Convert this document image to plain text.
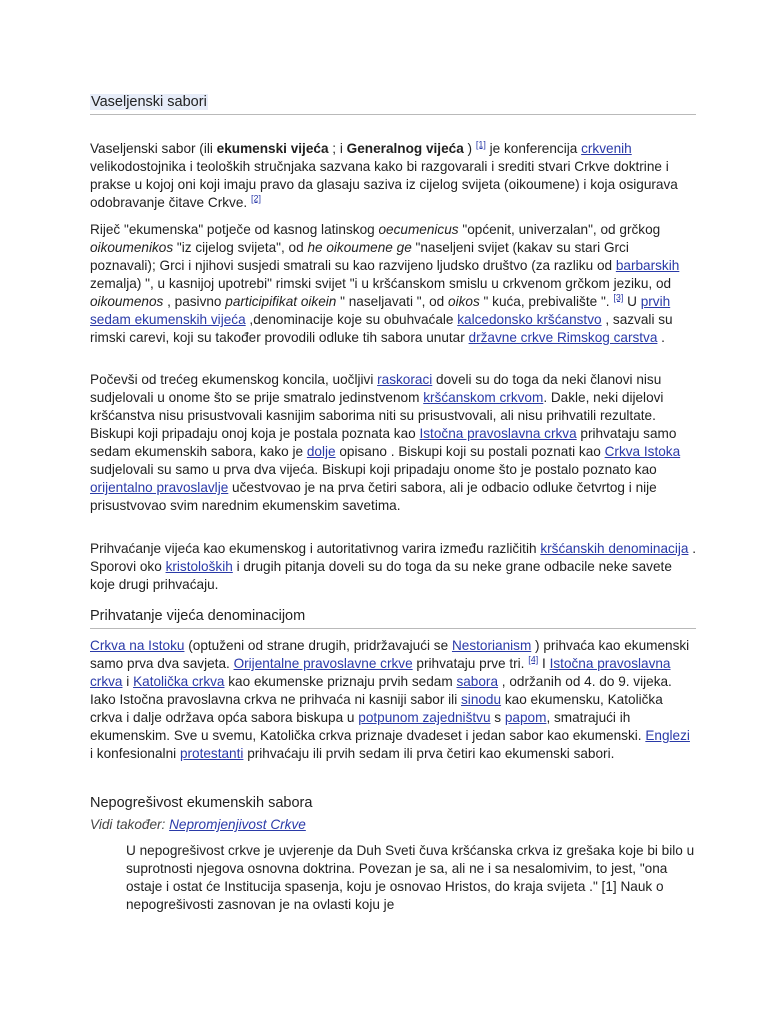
Vaseljenski sabori

Vaseljenski sabor (ili ekumenski vijeća ; i Generalnog vijeća ) [1] je konferencija crkvenih velikodostojnika i teoloških stručnjaka sazvana kako bi razgovarali i srediti stvari Crkve doktrine i prakse u kojoj oni koji imaju pravo da glasaju saziva iz cijelog svijeta (oikoumene) i koja osigurava odobravanje čitave Crkve. [2]

Riječ "ekumenska" potječe od kasnog latinskog oecumenicus "općenit, univerzalan", od grčkog oikoumenikos "iz cijelog svijeta", od he oikoumene ge "naseljeni svijet (kakav su stari Grci poznavali); Grci i njihovi susjedi smatrali su kao razvijeno ljudsko društvo (za razliku od barbarskih zemalja) ", u kasnijoj upotrebi" rimski svijet "i u kršćanskom smislu u crkvenom grčkom jeziku, od oikoumenos , pasivno participifikat oikein " naseljavati ", od oikos " kuća, prebivalište ". [3] U prvih sedam ekumenskih vijeća ,denominacije koje su obuhvaćale kalcedonsko kršćanstvo , sazvali su rimski carevi, koji su također provodili odluke tih sabora unutar državne crkve Rimskog carstva .

Počevši od trećeg ekumenskog koncila, uočljivi raskoraci doveli su do toga da neki članovi nisu sudjelovali u onome što se prije smatralo jedinstvenom kršćanskom crkvom. Dakle, neki dijelovi kršćanstva nisu prisustvovali kasnijim saborima niti su prisustvovali, ali nisu prihvatili rezultate. Biskupi koji pripadaju onoj koja je postala poznata kao Istočna pravoslavna crkva prihvataju samo sedam ekumenskih sabora, kako je dolje opisano . Biskupi koji su postali poznati kao Crkva Istoka sudjelovali su samo u prva dva vijeća. Biskupi koji pripadaju onome što je postalo poznato kao orijentalno pravoslavlje učestvovao je na prva četiri sabora, ali je odbacio odluke četvrtog i nije prisustvovao svim narednim ekumenskim savetima.

Prihvaćanje vijeća kao ekumenskog i autoritativnog varira između različitih kršćanskih denominacija . Sporovi oko kristoloških i drugih pitanja doveli su do toga da su neke grane odbacile neke savete koje drugi prihvaćaju.

Prihvatanje vijeća denominacijom

Crkva na Istoku (optuženi od strane drugih, pridržavajući se Nestorianism ) prihvaća kao ekumenski samo prva dva savjeta. Orijentalne pravoslavne crkve prihvataju prve tri. [4] I Istočna pravoslavna crkva i Katolička crkva kao ekumenske priznaju prvih sedam sabora , održanih od 4. do 9. vijeka. Iako Istočna pravoslavna crkva ne prihvaća ni kasniji sabor ili sinodu kao ekumensku, Katolička crkva i dalje održava opća sabora biskupa u potpunom zajedništvu s papom, smatrajući ih ekumenskim. Sve u svemu, Katolička crkva priznaje dvadeset i jedan sabor kao ekumenski. Englezi i konfesionalni protestanti prihvaćaju ili prvih sedam ili prva četiri kao ekumenski sabori.

Nepogrešivost ekumenskih sabora
Vidi također: Nepromjenjivost Crkve

U nepogrešivost crkve je uvjerenje da Duh Sveti čuva kršćanska crkva iz grešaka koje bi bilo u suprotnosti njegova osnovna doktrina. Povezan je sa, ali ne i sa nesalomivim, to jest, "ona ostaje i ostat će Institucija spasenja, koju je osnovao Hristos, do kraja svijeta ." [1] Nauk o nepogrešivosti zasnovan je na ovlasti koju je
